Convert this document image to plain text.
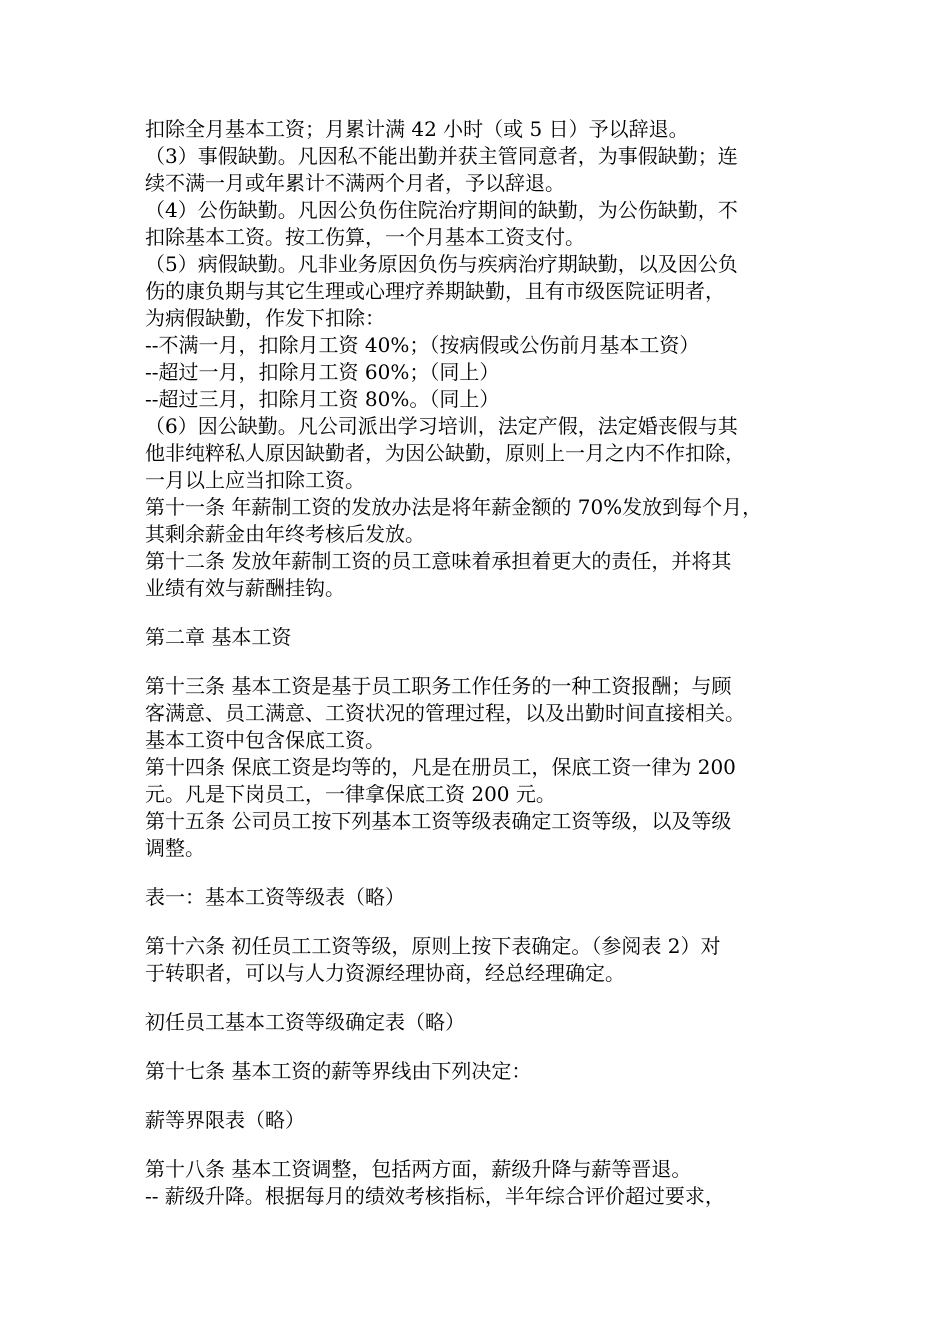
扣除全月基本工资；月累计满 42 小时（或 5 日）予以辞退。
（3）事假缺勤。凡因私不能出勤并获主管同意者，为事假缺勤；连
续不满一月或年累计不满两个月者，予以辞退。
（4）公伤缺勤。凡因公负伤住院治疗期间的缺勤，为公伤缺勤，不
扣除基本工资。按工伤算，一个月基本工资支付。
（5）病假缺勤。凡非业务原因负伤与疾病治疗期缺勤，以及因公负
伤的康负期与其它生理或心理疗养期缺勤，且有市级医院证明者，
为病假缺勤，作发下扣除：
--不满一月，扣除月工资 40%；（按病假或公伤前月基本工资）
--超过一月，扣除月工资 60%；（同上）
--超过三月，扣除月工资 80%。（同上）
（6）因公缺勤。凡公司派出学习培训，法定产假，法定婚丧假与其
他非纯粹私人原因缺勤者，为因公缺勤，原则上一月之内不作扣除，
一月以上应当扣除工资。
第十一条 年薪制工资的发放办法是将年薪金额的 70%发放到每个月，
其剩余薪金由年终考核后发放。
第十二条 发放年薪制工资的员工意味着承担着更大的责任，并将其
业绩有效与薪酬挂钩。
第二章 基本工资
第十三条 基本工资是基于员工职务工作任务的一种工资报酬；与顾
客满意、员工满意、工资状况的管理过程，以及出勤时间直接相关。
基本工资中包含保底工资。
第十四条 保底工资是均等的，凡是在册员工，保底工资一律为 200
元。凡是下岗员工，一律拿保底工资 200 元。
第十五条 公司员工按下列基本工资等级表确定工资等级，以及等级
调整。
表一：基本工资等级表（略）
第十六条 初任员工工资等级，原则上按下表确定。（参阅表 2）对
于转职者，可以与人力资源经理协商，经总经理确定。
初任员工基本工资等级确定表（略）
第十七条 基本工资的薪等界线由下列决定：
薪等界限表（略）
第十八条 基本工资调整，包括两方面，薪级升降与薪等晋退。
-- 薪级升降。根据每月的绩效考核指标，半年综合评价超过要求，
